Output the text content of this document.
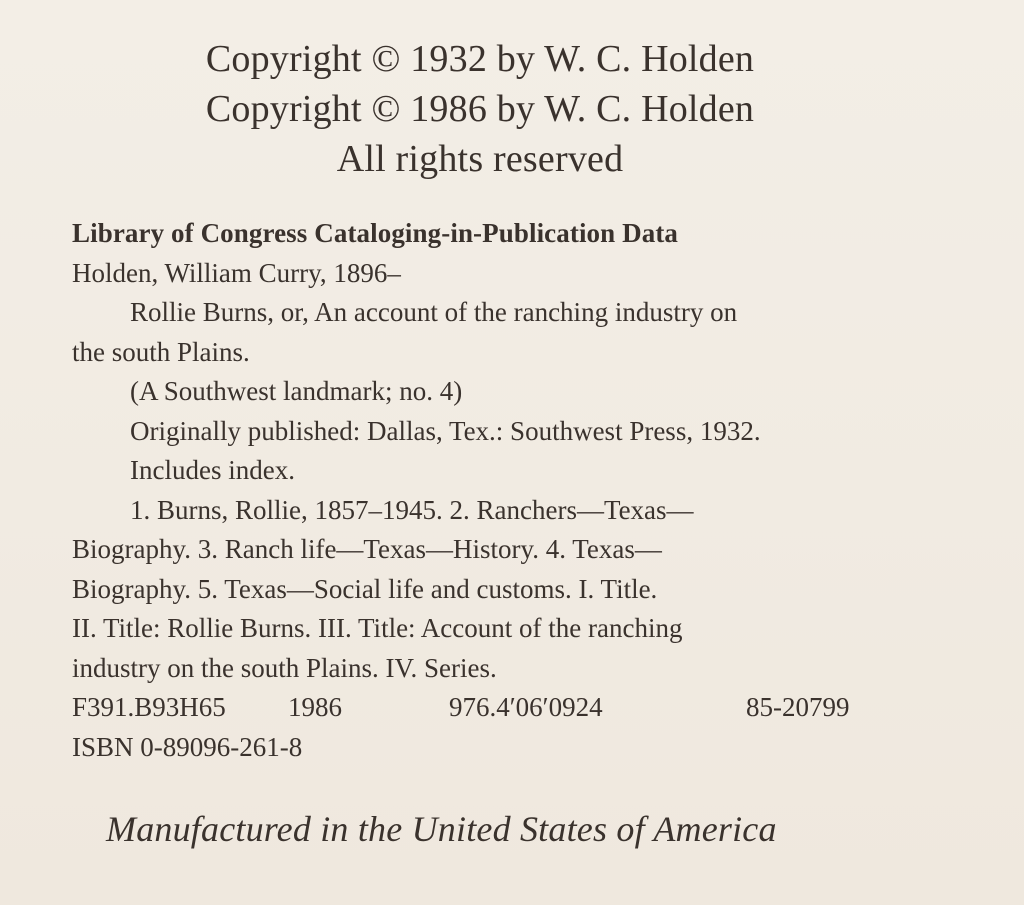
Copyright © 1932 by W. C. Holden
Copyright © 1986 by W. C. Holden
All rights reserved
Library of Congress Cataloging-in-Publication Data
Holden, William Curry, 1896–
Rollie Burns, or, An account of the ranching industry on
the south Plains.
(A Southwest landmark; no. 4)
Originally published: Dallas, Tex.: Southwest Press, 1932.
Includes index.
1. Burns, Rollie, 1857–1945. 2. Ranchers—Texas—
Biography. 3. Ranch life—Texas—History. 4. Texas—
Biography. 5. Texas—Social life and customs. I. Title.
II. Title: Rollie Burns. III. Title: Account of the ranching
industry on the south Plains. IV. Series.
F391.B93H65 1986	976.4′06′0924	85-20799
ISBN 0-89096-261-8
Manufactured in the United States of America
